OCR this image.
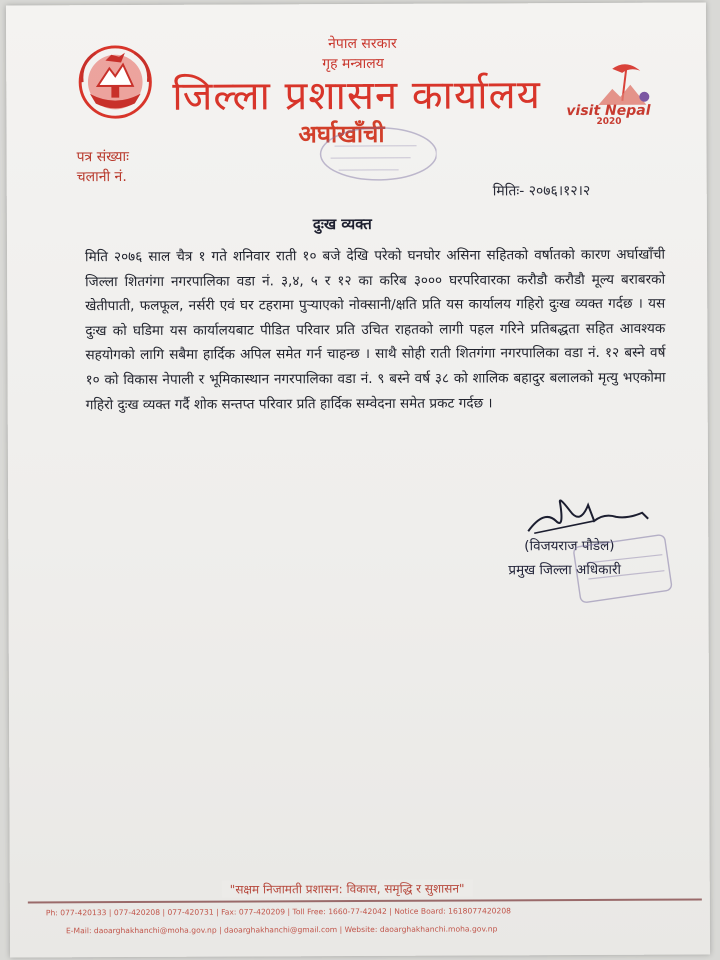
नेपाल सरकार
गृह मन्त्रालय
जिल्ला प्रशासन कार्यालय
अर्घाखाँची
visit Nepal
2020
पत्र संख्याः
चलानी नं.
मितिः- २०७६।१२।२
दुःख व्यक्त
मिति २०७६ साल चैत्र १ गते शनिवार राती १० बजे देखि परेको घनघोर असिना सहितको वर्षातको कारण अर्घाखाँची जिल्ला शितगंगा नगरपालिका वडा नं. ३,४, ५ र १२ का करिब ३००० घरपरिवारका करौडौ करौडौ मूल्य बराबरको खेतीपाती, फलफूल, नर्सरी एवं घर टहरामा पुऱ्याएको नोक्सानी/क्षति प्रति यस कार्यालय गहिरो दुःख व्यक्त गर्दछ । यस दुःख को घडिमा यस कार्यालयबाट पीडित परिवार प्रति उचित राहतको लागी पहल गरिने प्रतिबद्धता सहित आवश्यक सहयोगको लागि सबैमा हार्दिक अपिल समेत गर्न चाहन्छ । साथै सोही राती शितगंगा नगरपालिका वडा नं. १२ बस्ने वर्ष १० को विकास नेपाली र भूमिकास्थान नगरपालिका वडा नं. ९ बस्ने वर्ष ३८ को शालिक बहादुर बलालको मृत्यु भएकोमा गहिरो दुःख व्यक्त गर्दै शोक सन्तप्त परिवार प्रति हार्दिक सम्वेदना समेत प्रकट गर्दछ ।
(विजयराज पौडेल)
प्रमुख जिल्ला अधिकारी
"सक्षम निजामती प्रशासन: विकास, समृद्धि र सुशासन"
Ph: 077-420133 | 077-420208 | 077-420731 | Fax: 077-420209 | Toll Free: 1660-77-42042 | Notice Board: 1618077420208
E-Mail: daoarghakhanchi@moha.gov.np | daoarghakhanchi@gmail.com | Website: daoarghakhanchi.moha.gov.np
